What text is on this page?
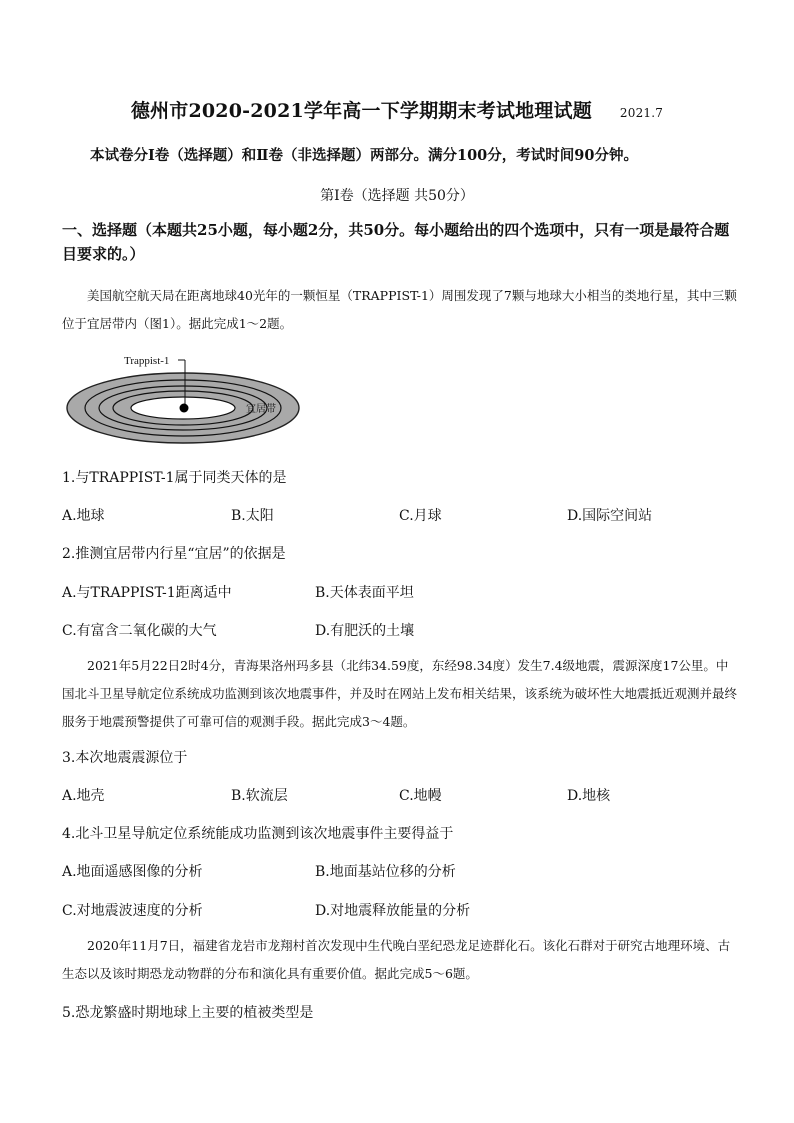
德州市2020-2021学年高一下学期期末考试地理试题 2021.7
本试卷分Ⅰ卷（选择题）和Ⅱ卷（非选择题）两部分。满分100分，考试时间90分钟。
第Ⅰ卷（选择题 共50分）
一、选择题（本题共25小题，每小题2分，共50分。每小题给出的四个选项中，只有一项是最符合题目要求的。）
美国航空航天局在距离地球40光年的一颗恒星（TRAPPIST-1）周围发现了7颗与地球大小相当的类地行星，其中三颗位于宜居带内（图1）。据此完成1～2题。
Trappist-1
宜居带
1.与TRAPPIST-1属于同类天体的是
A.地球	B.太阳	C.月球	D.国际空间站
2.推测宜居带内行星“宜居”的依据是
A.与TRAPPIST-1距离适中	B.天体表面平坦
C.有富含二氧化碳的大气	D.有肥沃的土壤
2021年5月22日2时4分，青海果洛州玛多县（北纬34.59度，东经98.34度）发生7.4级地震，震源深度17公里。中国北斗卫星导航定位系统成功监测到该次地震事件，并及时在网站上发布相关结果，该系统为破坏性大地震抵近观测并最终服务于地震预警提供了可靠可信的观测手段。据此完成3～4题。
3.本次地震震源位于
A.地壳	B.软流层	C.地幔	D.地核
4.北斗卫星导航定位系统能成功监测到该次地震事件主要得益于
A.地面遥感图像的分析	B.地面基站位移的分析
C.对地震波速度的分析	D.对地震释放能量的分析
2020年11月7日，福建省龙岩市龙翔村首次发现中生代晚白垩纪恐龙足迹群化石。该化石群对于研究古地理环境、古生态以及该时期恐龙动物群的分布和演化具有重要价值。据此完成5～6题。
5.恐龙繁盛时期地球上主要的植被类型是
